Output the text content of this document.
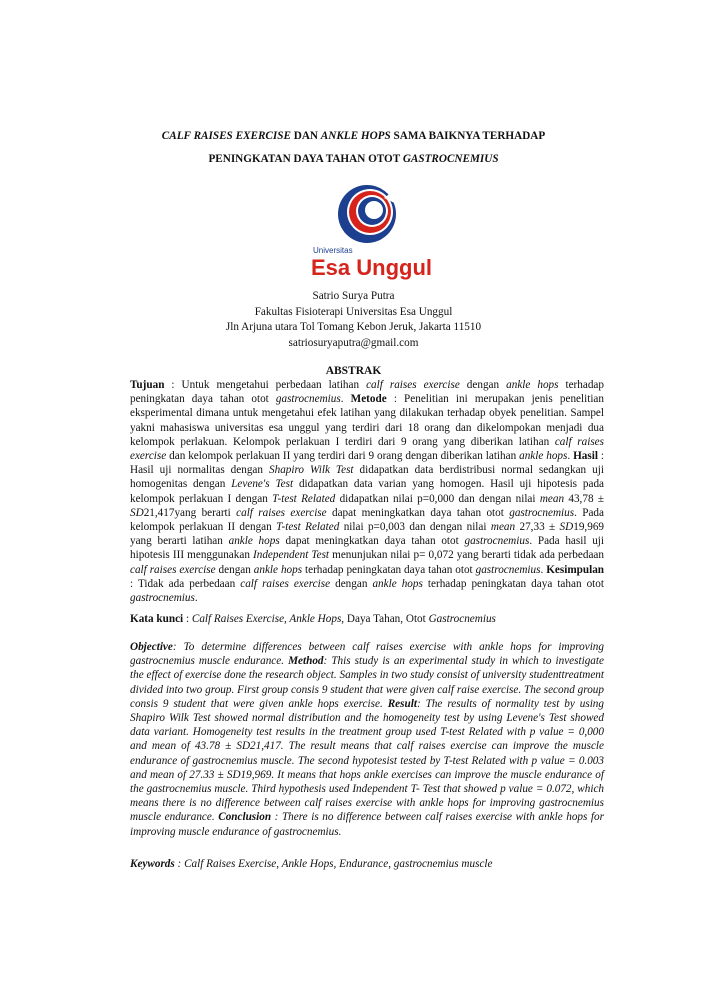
CALF RAISES EXERCISE DAN ANKLE HOPS SAMA BAIKNYA TERHADAP
PENINGKATAN DAYA TAHAN OTOT GASTROCNEMIUS
Universitas
Esa Unggul
Satrio Surya Putra
Fakultas Fisioterapi Universitas Esa Unggul
Jln Arjuna utara Tol Tomang Kebon Jeruk, Jakarta 11510
satriosuryaputra@gmail.com
ABSTRAK

Tujuan : Untuk mengetahui perbedaan latihan calf raises exercise dengan ankle hops terhadap peningkatan daya tahan otot gastrocnemius. Metode : Penelitian ini merupakan jenis penelitian eksperimental dimana untuk mengetahui efek latihan yang dilakukan terhadap obyek penelitian. Sampel yakni mahasiswa universitas esa unggul yang terdiri dari 18 orang dan dikelompokan menjadi dua kelompok perlakuan. Kelompok perlakuan I terdiri dari 9 orang yang diberikan latihan calf raises exercise dan kelompok perlakuan II yang terdiri dari 9 orang dengan diberikan latihan ankle hops. Hasil : Hasil uji normalitas dengan Shapiro Wilk Test didapatkan data berdistribusi normal sedangkan uji homogenitas dengan Levene's Test didapatkan data varian yang homogen. Hasil uji hipotesis pada kelompok perlakuan I dengan T-test Related didapatkan nilai p=0,000 dan dengan nilai mean 43,78 ± SD21,417yang berarti calf raises exercise dapat meningkatkan daya tahan otot gastrocnemius. Pada kelompok perlakuan II dengan T-test Related nilai p=0,003 dan dengan nilai mean 27,33 ± SD19,969 yang berarti latihan ankle hops dapat meningkatkan daya tahan otot gastrocnemius. Pada hasil uji hipotesis III menggunakan Independent Test menunjukan nilai p= 0,072 yang berarti tidak ada perbedaan calf raises exercise dengan ankle hops terhadap peningkatan daya tahan otot gastrocnemius. Kesimpulan : Tidak ada perbedaan calf raises exercise dengan ankle hops terhadap peningkatan daya tahan otot gastrocnemius.

Kata kunci : Calf Raises Exercise, Ankle Hops, Daya Tahan, Otot Gastrocnemius

Objective: To determine differences between calf raises exercise with ankle hops for improving gastrocnemius muscle endurance. Method: This study is an experimental study in which to investigate the effect of exercise done the research object. Samples in two study consist of university studenttreatment divided into two group. First group consis 9 student that were given calf raise exercise. The second group consis 9 student that were given ankle hops exercise. Result: The results of normality test by using Shapiro Wilk Test showed normal distribution and the homogeneity test by using Levene's Test showed data variant. Homogeneity test results in the treatment group used T-test Related with p value = 0,000 and mean of 43.78 ± SD21,417. The result means that calf raises exercise can improve the muscle endurance of gastrocnemius muscle. The second hypotesist tested by T-test Related with p value = 0.003 and mean of 27.33 ± SD19,969. It means that hops ankle exercises can improve the muscle endurance of the gastrocnemius muscle. Third hypothesis used Independent T- Test that showed p value = 0.072, which means there is no difference between calf raises exercise with ankle hops for improving gastrocnemius muscle endurance. Conclusion : There is no difference between calf raises exercise with ankle hops for improving muscle endurance of gastrocnemius.

Keywords : Calf Raises Exercise, Ankle Hops, Endurance, gastrocnemius muscle
